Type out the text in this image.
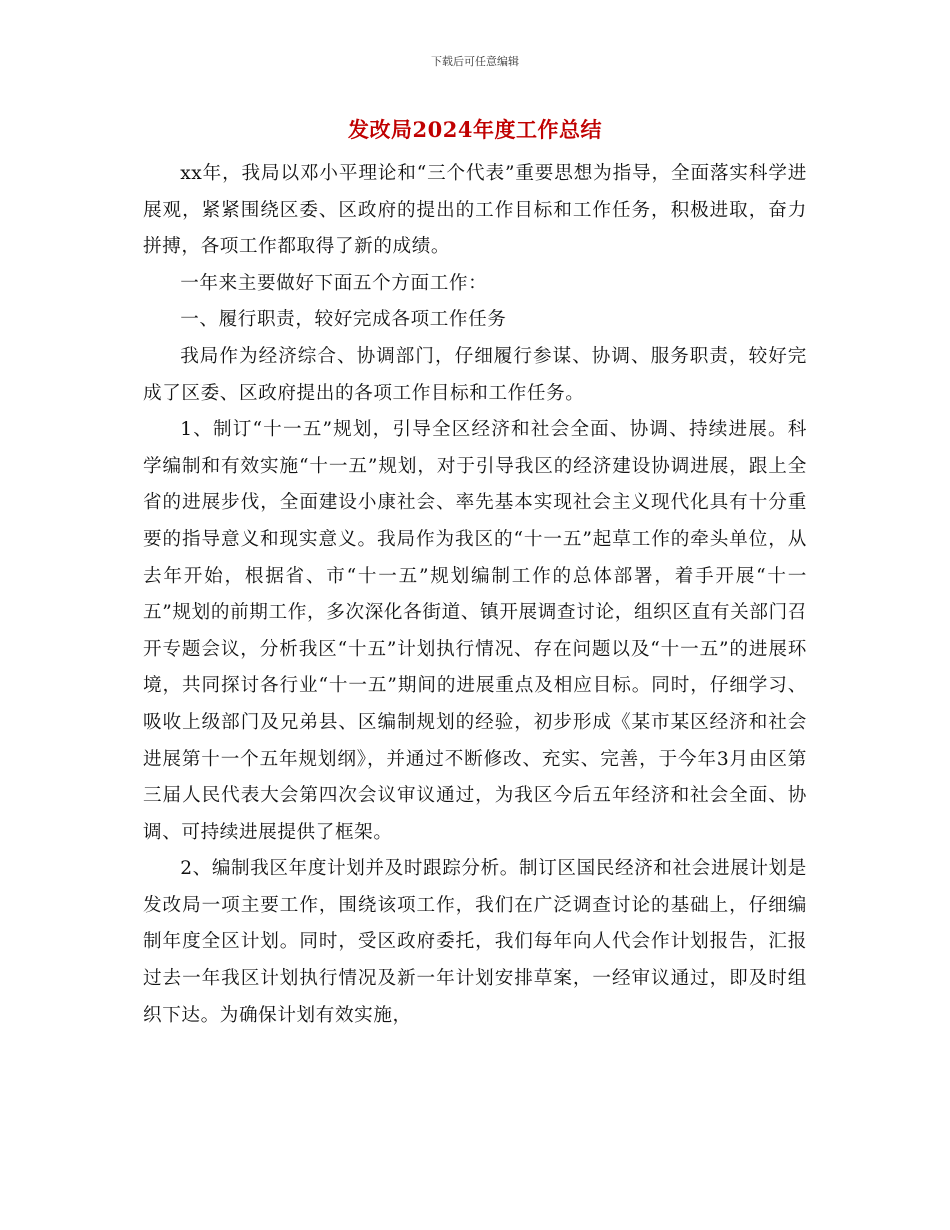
下载后可任意编辑
发改局2024年度工作总结

xx年，我局以邓小平理论和“三个代表”重要思想为指导，全面落实科学进展观，紧紧围绕区委、区政府的提出的工作目标和工作任务，积极进取，奋力拼搏，各项工作都取得了新的成绩。

一年来主要做好下面五个方面工作：

一、履行职责，较好完成各项工作任务

我局作为经济综合、协调部门，仔细履行参谋、协调、服务职责，较好完成了区委、区政府提出的各项工作目标和工作任务。

1、制订“十一五”规划，引导全区经济和社会全面、协调、持续进展。科学编制和有效实施“十一五”规划，对于引导我区的经济建设协调进展，跟上全省的进展步伐，全面建设小康社会、率先基本实现社会主义现代化具有十分重要的指导意义和现实意义。我局作为我区的“十一五”起草工作的牵头单位，从去年开始，根据省、市“十一五”规划编制工作的总体部署，着手开展“十一五”规划的前期工作，多次深化各街道、镇开展调查讨论，组织区直有关部门召开专题会议，分析我区“十五”计划执行情况、存在问题以及“十一五”的进展环境，共同探讨各行业“十一五”期间的进展重点及相应目标。同时，仔细学习、吸收上级部门及兄弟县、区编制规划的经验，初步形成《某市某区经济和社会进展第十一个五年规划纲》，并通过不断修改、充实、完善，于今年3月由区第三届人民代表大会第四次会议审议通过，为我区今后五年经济和社会全面、协调、可持续进展提供了框架。

2、编制我区年度计划并及时跟踪分析。制订区国民经济和社会进展计划是发改局一项主要工作，围绕该项工作，我们在广泛调查讨论的基础上，仔细编制年度全区计划。同时，受区政府委托，我们每年向人代会作计划报告，汇报过去一年我区计划执行情况及新一年计划安排草案，一经审议通过，即及时组织下达。为确保计划有效实施，
